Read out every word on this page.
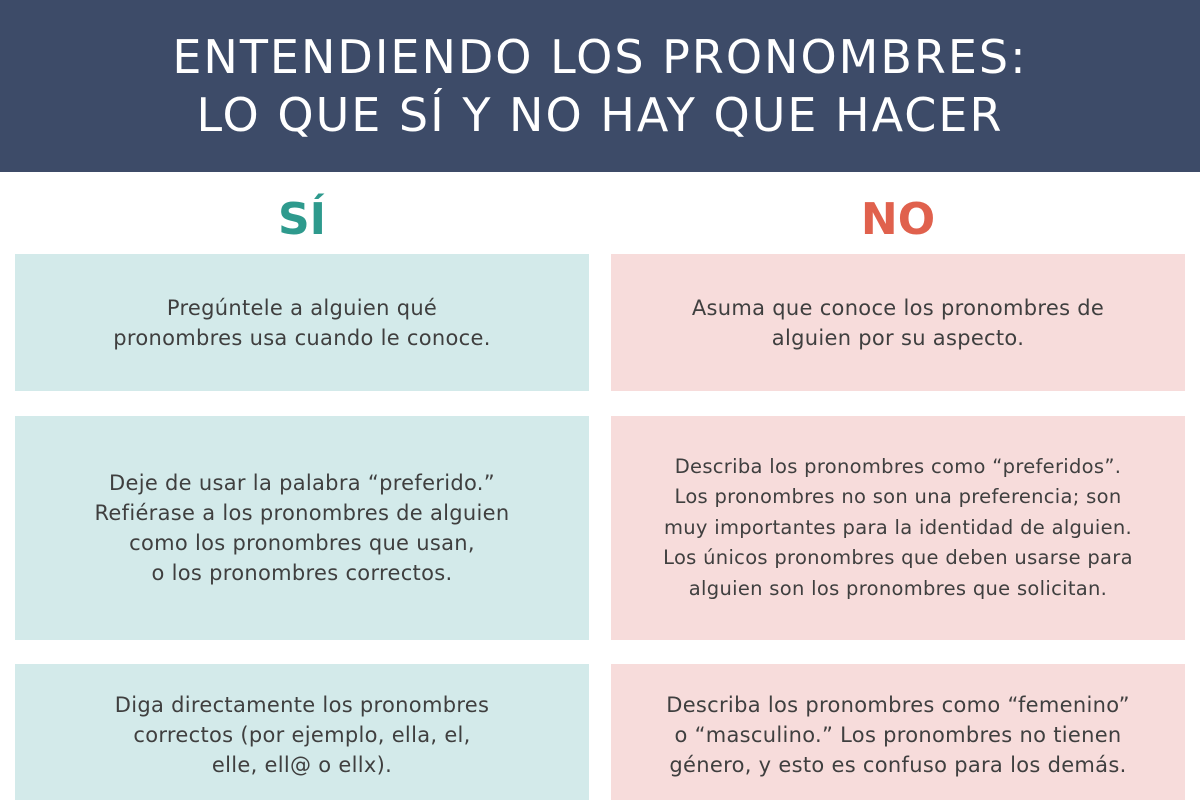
ENTENDIENDO LOS PRONOMBRES:
LO QUE SÍ Y NO HAY QUE HACER
SÍ	NO
Pregúntele a alguien qué
pronombres usa cuando le conoce.
Asuma que conoce los pronombres de
alguien por su aspecto.
Deje de usar la palabra “preferido.”
Refiérase a los pronombres de alguien
como los pronombres que usan,
o los pronombres correctos.
Describa los pronombres como “preferidos”.
Los pronombres no son una preferencia; son
muy importantes para la identidad de alguien.
Los únicos pronombres que deben usarse para
alguien son los pronombres que solicitan.
Diga directamente los pronombres
correctos (por ejemplo, ella, el,
elle, ell@ o ellx).
Describa los pronombres como “femenino”
o “masculino.” Los pronombres no tienen
género, y esto es confuso para los demás.
